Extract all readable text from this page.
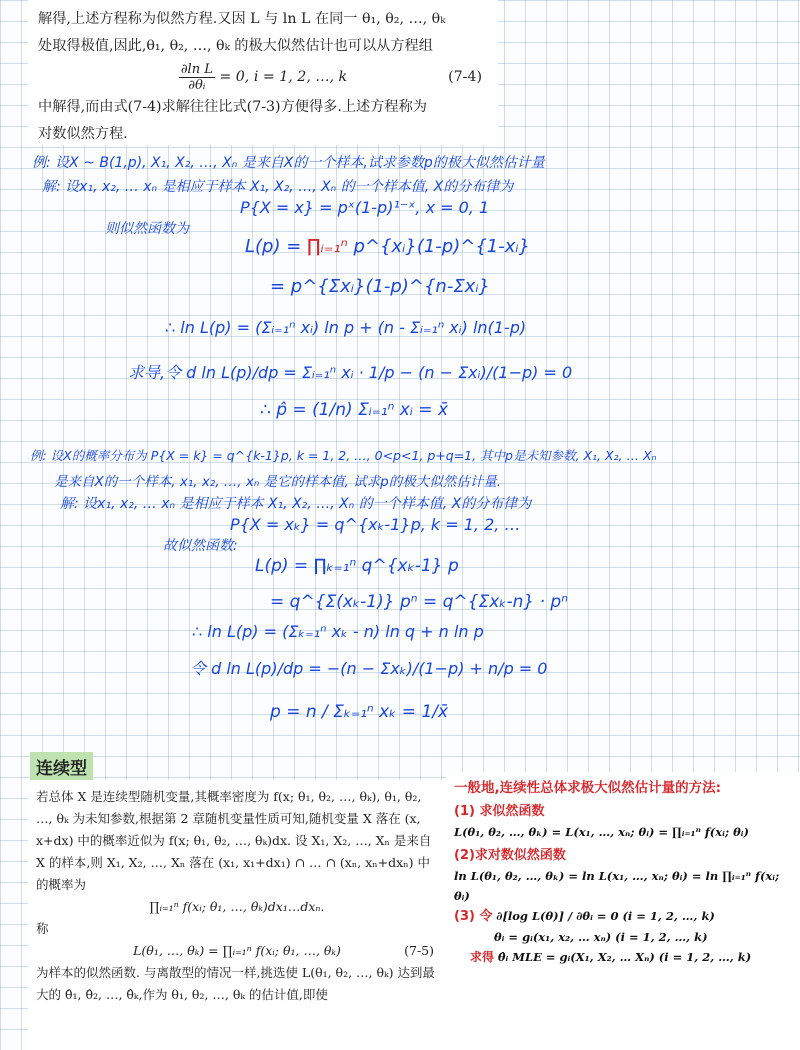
解得,上述方程称为似然方程.又因 L 与 ln L 在同一 θ₁, θ₂, …, θₖ

处取得极值,因此,θ₁, θ₂, …, θₖ 的极大似然估计也可以从方程组

$\frac{\text{∂ln L}}{\text{∂θᵢ}} = 0$, i = 1, 2, …, k	(7-4)

中解得,而由式(7-4)求解往往比式(7-3)方便得多.上述方程称为

对数似然方程.

例: 设X ~ B(1,p), X₁, X₂, …, Xₙ 是来自X的一个样本,试求参数p的极大似然估计量
解: 设x₁, x₂, … xₙ 是相应于样本 X₁, X₂, …, Xₙ 的一个样本值, X的分布律为
P{X = x} = pˣ(1-p)¹⁻ˣ, x = 0, 1
则似然函数为
L(p) = ∏ᵢ₌₁ⁿ p^{xᵢ}(1-p)^{1-xᵢ}
= p^{Σxᵢ}(1-p)^{n-Σxᵢ}
∴ ln L(p) = (Σᵢ₌₁ⁿ xᵢ) ln p + (n - Σᵢ₌₁ⁿ xᵢ) ln(1-p)
求导,令 d ln L(p)/dp = Σᵢ₌₁ⁿ xᵢ · 1/p − (n − Σxᵢ)/(1−p) = 0
∴ p̂ = (1/n) Σᵢ₌₁ⁿ xᵢ = x̄
例: 设X的概率分布为 P{X = k} = q^{k-1}p, k = 1, 2, …, 0<p<1, p+q=1, 其中p是未知参数, X₁, X₂, … Xₙ
是来自X的一个样本, x₁, x₂, …, xₙ 是它的样本值, 试求p的极大似然估计量.
解: 设x₁, x₂, … xₙ 是相应于样本 X₁, X₂, …, Xₙ 的一个样本值, X的分布律为
P{X = xₖ} = q^{xₖ-1}p, k = 1, 2, …
故似然函数:
L(p) = ∏ₖ₌₁ⁿ q^{xₖ-1} p
= q^{Σ(xₖ-1)} pⁿ = q^{Σxₖ-n} · pⁿ
∴ ln L(p) = (Σₖ₌₁ⁿ xₖ - n) ln q + n ln p
令 d ln L(p)/dp = −(n − Σxₖ)/(1−p) + n/p = 0
p = n / Σₖ₌₁ⁿ xₖ = 1/x̄
连续型

若总体 X 是连续型随机变量,其概率密度为 f(x; θ₁, θ₂, …, θₖ), θ₁, θ₂, …, θₖ 为未知参数,根据第 2 章随机变量性质可知,随机变量 X 落在 (x, x+dx) 中的概率近似为 f(x; θ₁, θ₂, …, θₖ)dx. 设 X₁, X₂, …, Xₙ 是来自 X 的样本,则 X₁, X₂, …, Xₙ 落在 (x₁, x₁+dx₁) ∩ … ∩ (xₙ, xₙ+dxₙ) 中的概率为

∏ᵢ₌₁ⁿ f(xᵢ; θ₁, …, θₖ)dx₁…dxₙ.

称

L(θ₁, …, θₖ) = ∏ᵢ₌₁ⁿ f(xᵢ; θ₁, …, θₖ)	(7-5)

为样本的似然函数. 与离散型的情况一样,挑选使 L(θ₁, θ₂, …, θₖ) 达到最大的 θ̂₁, θ̂₂, …, θ̂ₖ,作为 θ₁, θ₂, …, θₖ 的估计值,即使

一般地,连续性总体求极大似然估计量的方法:
(1) 求似然函数
L(θ₁, θ₂, …, θₖ) = L(x₁, …, xₙ; θᵢ) = ∏ᵢ₌₁ⁿ f(xᵢ; θᵢ)
(2)求对数似然函数
ln L(θ₁, θ₂, …, θₖ) = ln L(x₁, …, xₙ; θᵢ) = ln ∏ᵢ₌₁ⁿ f(xᵢ; θᵢ)
(3) 令 ∂[log L(θ)] / ∂θᵢ = 0 (i = 1, 2, …, k)
θᵢ = gᵢ(x₁, x₂, … xₙ) (i = 1, 2, …, k)
求得 θ̂ᵢ MLE = gᵢ(X₁, X₂, … Xₙ) (i = 1, 2, …, k)
